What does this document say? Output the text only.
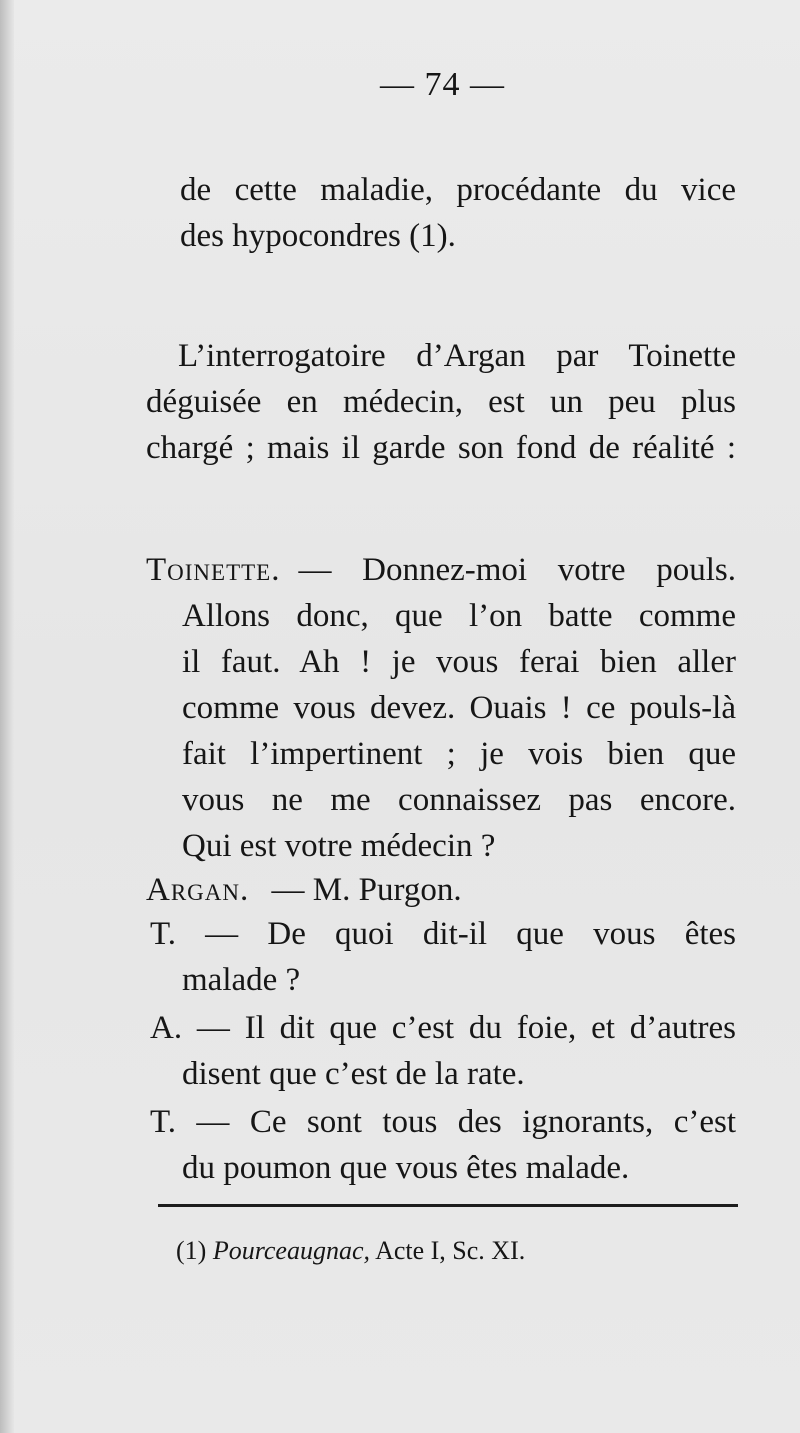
— 74 —
de cette maladie, procédante du vice
des hypocondres (1).
L’interrogatoire d’Argan par Toinette
déguisée en médecin, est un peu plus
chargé ; mais il garde son fond de réalité :
Toinette. — Donnez-moi votre pouls.
Allons donc, que l’on batte comme
il faut. Ah ! je vous ferai bien aller
comme vous devez. Ouais ! ce pouls-là
fait l’impertinent ; je vois bien que
vous ne me connaissez pas encore.
Qui est votre médecin ?
Argan. — M. Purgon.
T. — De quoi dit-il que vous êtes
malade ?
A. — Il dit que c’est du foie, et d’autres
disent que c’est de la rate.
T. — Ce sont tous des ignorants, c’est
du poumon que vous êtes malade.
(1) Pourceaugnac, Acte I, Sc. XI.
